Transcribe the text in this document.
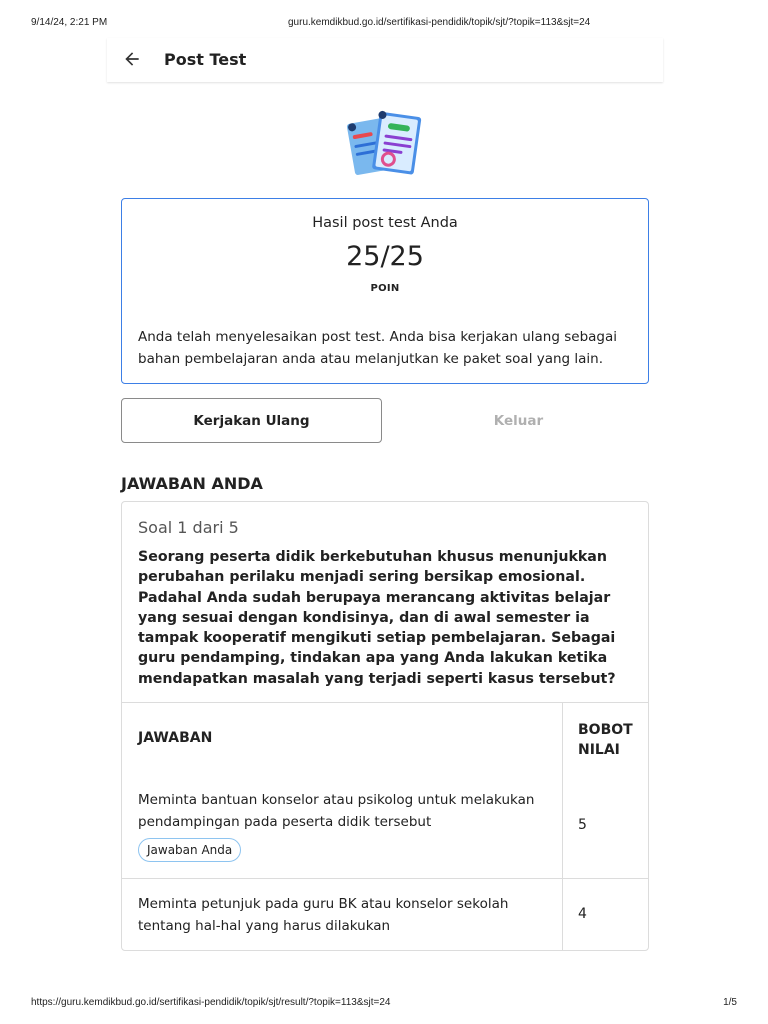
9/14/24, 2:21 PM	guru.kemdikbud.go.id/sertifikasi-pendidik/topik/sjt/?topik=113&sjt=24
Post Test
Hasil post test Anda
25/25
POIN
Anda telah menyelesaikan post test. Anda bisa kerjakan ulang sebagai bahan pembelajaran anda atau melanjutkan ke paket soal yang lain.
Kerjakan Ulang	Keluar
JAWABAN ANDA
Soal 1 dari 5
Seorang peserta didik berkebutuhan khusus menunjukkan perubahan perilaku menjadi sering bersikap emosional. Padahal Anda sudah berupaya merancang aktivitas belajar yang sesuai dengan kondisinya, dan di awal semester ia tampak kooperatif mengikuti setiap pembelajaran. Sebagai guru pendamping, tindakan apa yang Anda lakukan ketika mendapatkan masalah yang terjadi seperti kasus tersebut?
JAWABAN	BOBOT NILAI
Meminta bantuan konselor atau psikolog untuk melakukan pendampingan pada peserta didik tersebut
Jawaban Anda
5
Meminta petunjuk pada guru BK atau konselor sekolah tentang hal-hal yang harus dilakukan
4
https://guru.kemdikbud.go.id/sertifikasi-pendidik/topik/sjt/result/?topik=113&sjt=24	1/5
